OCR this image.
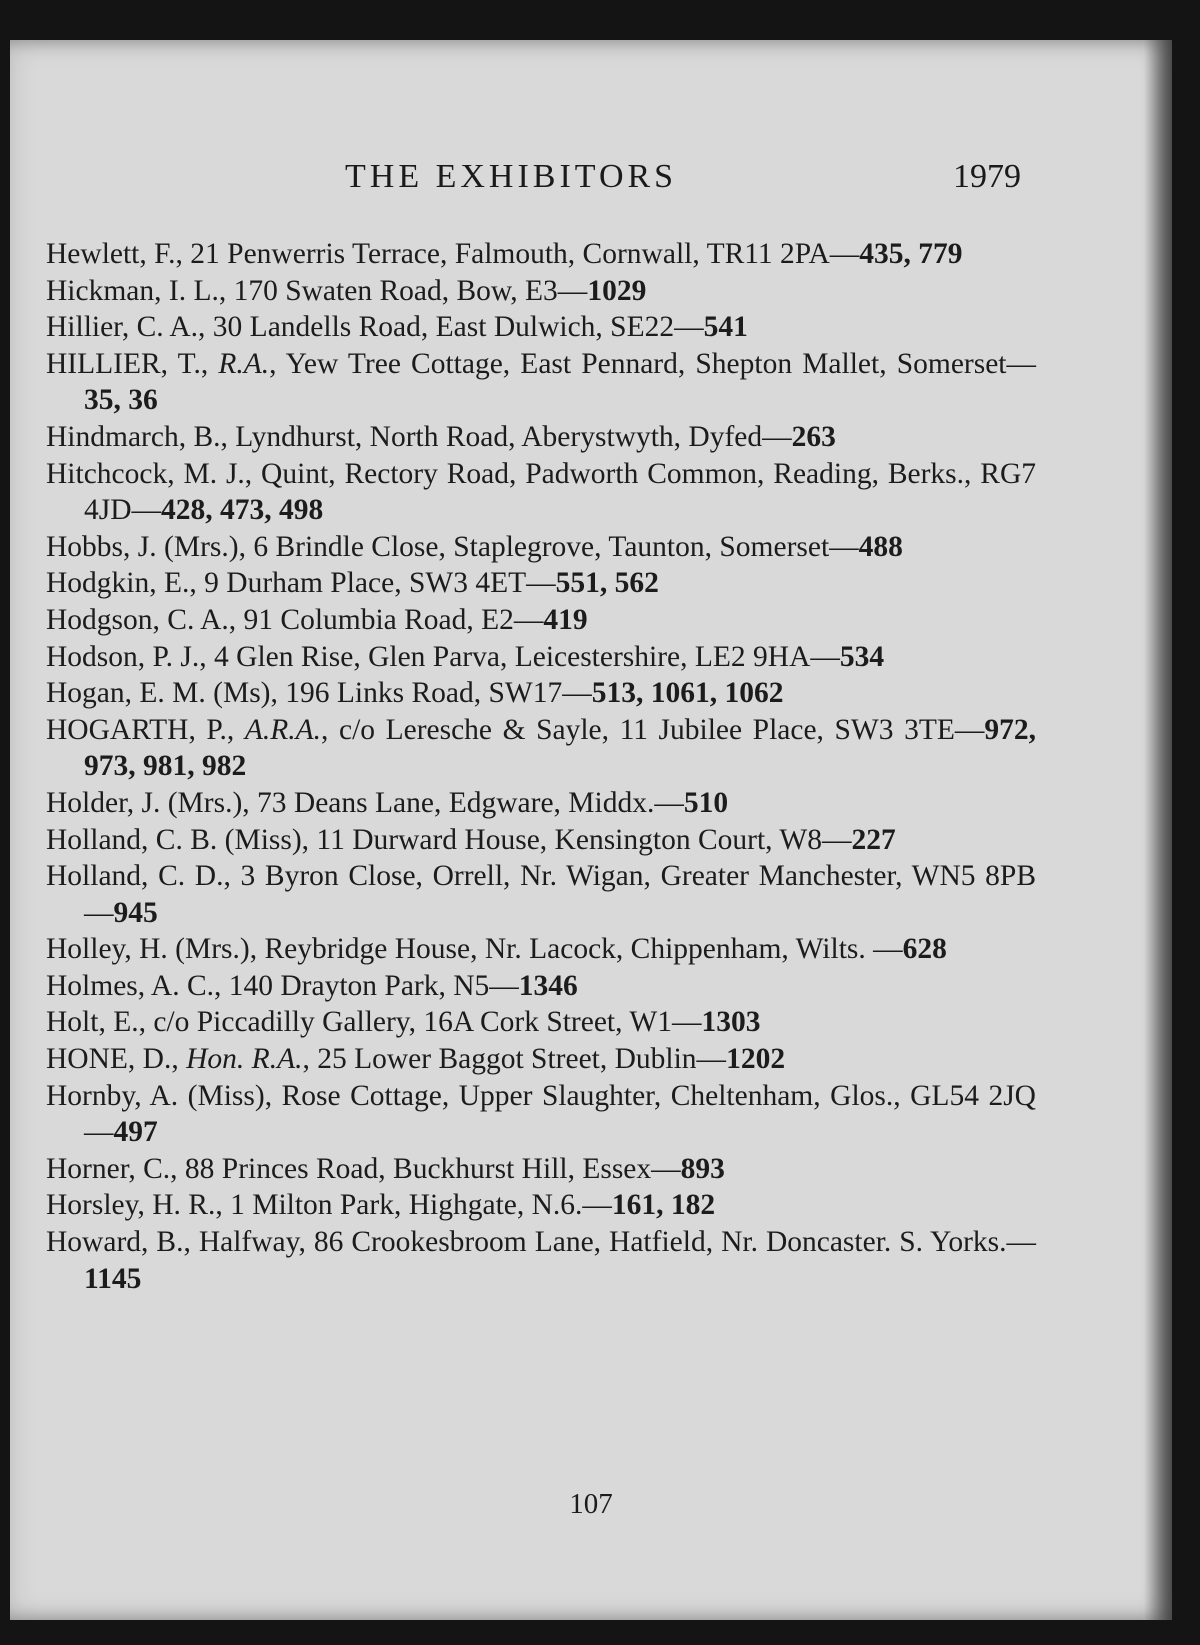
THE EXHIBITORS	1979

Hewlett, F., 21 Penwerris Terrace, Falmouth, Cornwall, TR11 2PA—435, 779

Hickman, I. L., 170 Swaten Road, Bow, E3—1029

Hillier, C. A., 30 Landells Road, East Dulwich, SE22—541

HILLIER, T., R.A., Yew Tree Cottage, East Pennard, Shepton Mallet, Somerset—35, 36

Hindmarch, B., Lyndhurst, North Road, Aberystwyth, Dyfed—263

Hitchcock, M. J., Quint, Rectory Road, Padworth Common, Reading, Berks., RG7 4JD—428, 473, 498

Hobbs, J. (Mrs.), 6 Brindle Close, Staplegrove, Taunton, Somerset—488

Hodgkin, E., 9 Durham Place, SW3 4ET—551, 562

Hodgson, C. A., 91 Columbia Road, E2—419

Hodson, P. J., 4 Glen Rise, Glen Parva, Leicestershire, LE2 9HA—534

Hogan, E. M. (Ms), 196 Links Road, SW17—513, 1061, 1062

HOGARTH, P., A.R.A., c/o Leresche & Sayle, 11 Jubilee Place, SW3 3TE—972, 973, 981, 982

Holder, J. (Mrs.), 73 Deans Lane, Edgware, Middx.—510

Holland, C. B. (Miss), 11 Durward House, Kensington Court, W8—227

Holland, C. D., 3 Byron Close, Orrell, Nr. Wigan, Greater Manchester, WN5 8PB—945

Holley, H. (Mrs.), Reybridge House, Nr. Lacock, Chippenham, Wilts. —628

Holmes, A. C., 140 Drayton Park, N5—1346

Holt, E., c/o Piccadilly Gallery, 16A Cork Street, W1—1303

HONE, D., Hon. R.A., 25 Lower Baggot Street, Dublin—1202

Hornby, A. (Miss), Rose Cottage, Upper Slaughter, Cheltenham, Glos., GL54 2JQ—497

Horner, C., 88 Princes Road, Buckhurst Hill, Essex—893

Horsley, H. R., 1 Milton Park, Highgate, N.6.—161, 182

Howard, B., Halfway, 86 Crookesbroom Lane, Hatfield, Nr. Doncaster. S. Yorks.—1145

107
